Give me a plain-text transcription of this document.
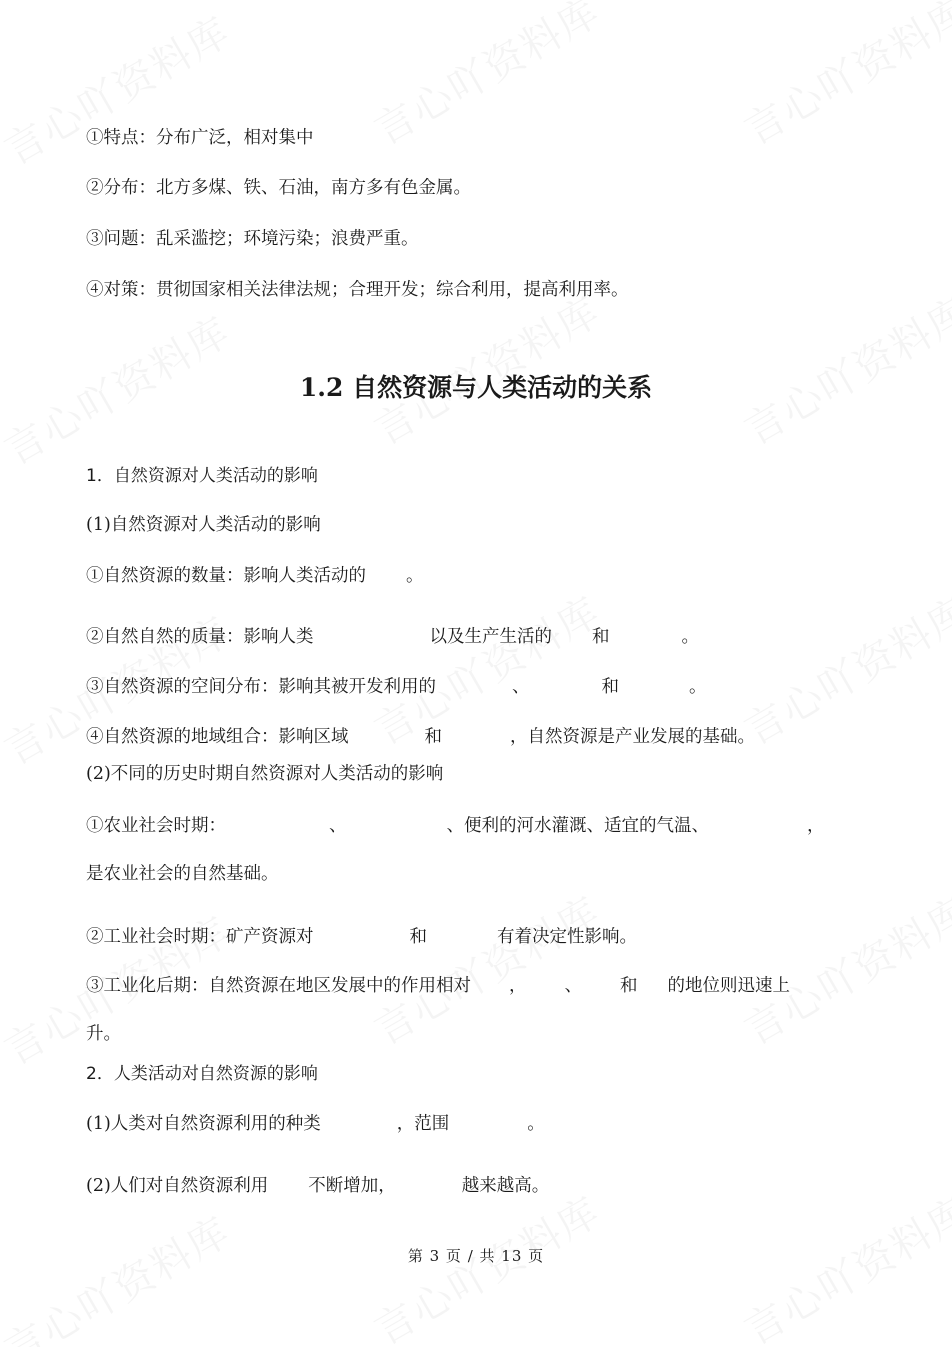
①特点：分布广泛，相对集中
②分布：北方多煤、铁、石油，南方多有色金属。
③问题：乱采滥挖；环境污染；浪费严重。
④对策：贯彻国家相关法律法规；合理开发；综合利用，提高利用率。
1.2 自然资源与人类活动的关系
1．自然资源对人类活动的影响
(1)自然资源对人类活动的影响
①自然资源的数量：影响人类活动的 。
②自然自然的质量：影响人类	以及生产生活的 和	。
③自然资源的空间分布：影响其被开发利用的	、	和	。
④自然资源的地域组合：影响区域	和	，自然资源是产业发展的基础。
(2)不同的历史时期自然资源对人类活动的影响
①农业社会时期：	、	、便利的河水灌溉、适宜的气温、	，
是农业社会的自然基础。
②工业社会时期：矿产资源对	和	有着决定性影响。
③工业化后期：自然资源在地区发展中的作用相对 ， 、 和 的地位则迅速上
升。
2．人类活动对自然资源的影响
(1)人类对自然资源利用的种类	，范围	。
(2)人们对自然资源利用 不断增加，	越来越高。
第 3 页 / 共 13 页
